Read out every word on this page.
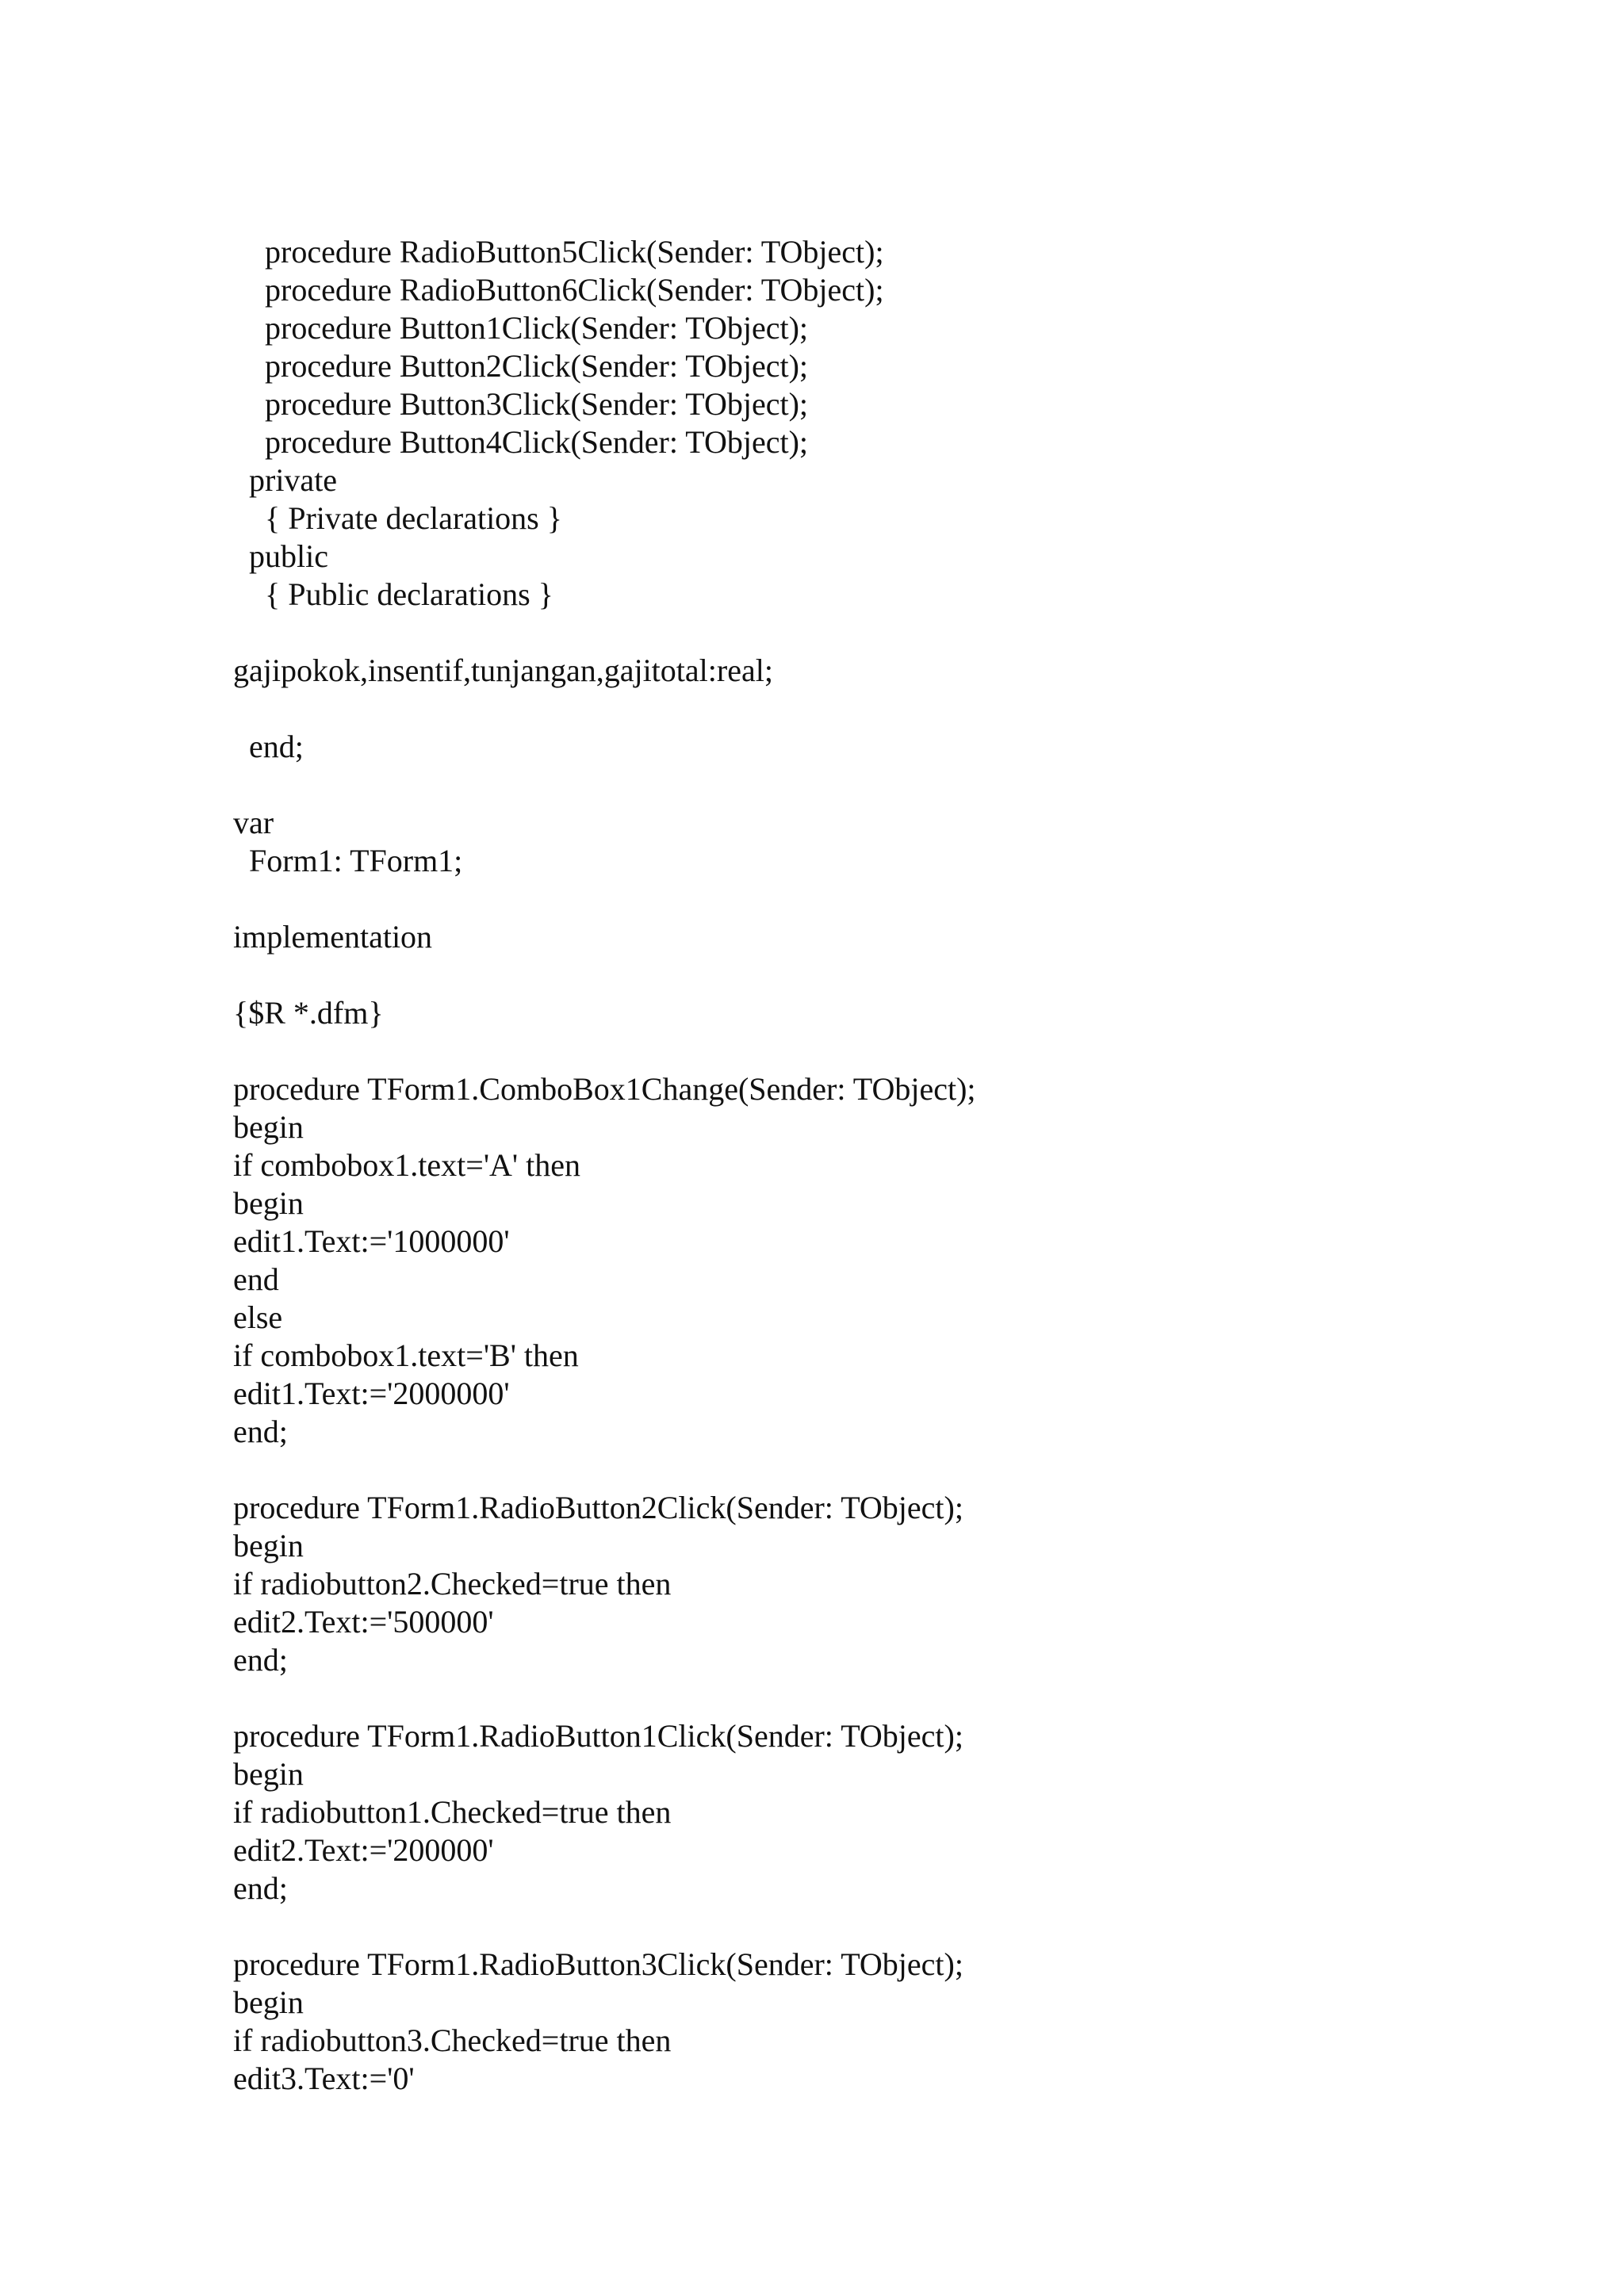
procedure RadioButton5Click(Sender: TObject);
procedure RadioButton6Click(Sender: TObject);
procedure Button1Click(Sender: TObject);
procedure Button2Click(Sender: TObject);
procedure Button3Click(Sender: TObject);
procedure Button4Click(Sender: TObject);
private
{ Private declarations }
public
{ Public declarations }
gajipokok,insentif,tunjangan,gajitotal:real;
end;
var
Form1: TForm1;
implementation
{$R *.dfm}
procedure TForm1.ComboBox1Change(Sender: TObject);
begin
if combobox1.text='A' then
begin
edit1.Text:='1000000'
end
else
if combobox1.text='B' then
edit1.Text:='2000000'
end;
procedure TForm1.RadioButton2Click(Sender: TObject);
begin
if radiobutton2.Checked=true then
edit2.Text:='500000'
end;
procedure TForm1.RadioButton1Click(Sender: TObject);
begin
if radiobutton1.Checked=true then
edit2.Text:='200000'
end;
procedure TForm1.RadioButton3Click(Sender: TObject);
begin
if radiobutton3.Checked=true then
edit3.Text:='0'
